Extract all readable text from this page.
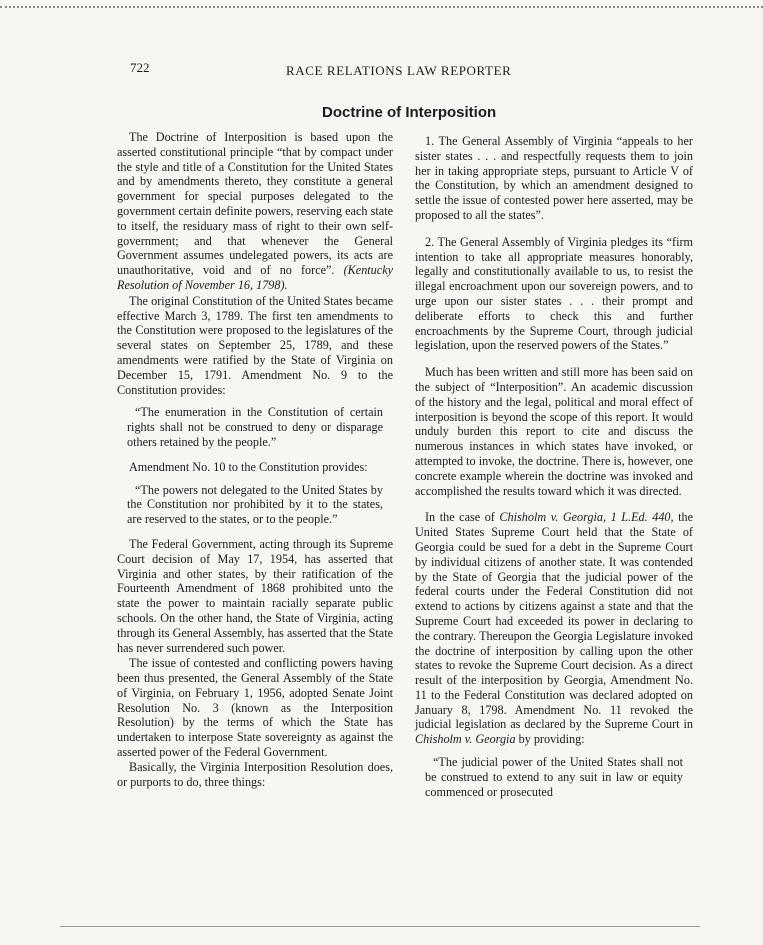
722	RACE RELATIONS LAW REPORTER
Doctrine of Interposition

The Doctrine of Interposition is based upon the asserted constitutional principle “that by compact under the style and title of a Constitution for the United States and by amendments thereto, they constitute a general government for special purposes delegated to the government certain definite powers, reserving each state to itself, the residuary mass of right to their own self-government; and that whenever the General Government assumes undelegated powers, its acts are unauthoritative, void and of no force”. (Kentucky Resolution of November 16, 1798).

The original Constitution of the United States became effective March 3, 1789. The first ten amendments to the Constitution were proposed to the legislatures of the several states on September 25, 1789, and these amendments were ratified by the State of Virginia on December 15, 1791. Amendment No. 9 to the Constitution provides:

“The enumeration in the Constitution of certain rights shall not be construed to deny or disparage others retained by the people.”

Amendment No. 10 to the Constitution provides:

“The powers not delegated to the United States by the Constitution nor prohibited by it to the states, are reserved to the states, or to the people.”

The Federal Government, acting through its Supreme Court decision of May 17, 1954, has asserted that Virginia and other states, by their ratification of the Fourteenth Amendment of 1868 prohibited unto the state the power to maintain racially separate public schools. On the other hand, the State of Virginia, acting through its General Assembly, has asserted that the State has never surrendered such power.

The issue of contested and conflicting powers having been thus presented, the General Assembly of the State of Virginia, on February 1, 1956, adopted Senate Joint Resolution No. 3 (known as the Interposition Resolution) by the terms of which the State has undertaken to interpose State sovereignty as against the asserted power of the Federal Government.

Basically, the Virginia Interposition Resolution does, or purports to do, three things:

1. The General Assembly of Virginia “appeals to her sister states . . . and respectfully requests them to join her in taking appropriate steps, pursuant to Article V of the Constitution, by which an amendment designed to settle the issue of contested power here asserted, may be proposed to all the states”.

2. The General Assembly of Virginia pledges its “firm intention to take all appropriate measures honorably, legally and constitutionally available to us, to resist the illegal encroachment upon our sovereign powers, and to urge upon our sister states . . . their prompt and deliberate efforts to check this and further encroachments by the Supreme Court, through judicial legislation, upon the reserved powers of the States.”

Much has been written and still more has been said on the subject of “Interposition”. An academic discussion of the history and the legal, political and moral effect of interposition is beyond the scope of this report. It would unduly burden this report to cite and discuss the numerous instances in which states have invoked, or attempted to invoke, the doctrine. There is, however, one concrete example wherein the doctrine was invoked and accomplished the results toward which it was directed.

In the case of Chisholm v. Georgia, 1 L.Ed. 440, the United States Supreme Court held that the State of Georgia could be sued for a debt in the Supreme Court by individual citizens of another state. It was contended by the State of Georgia that the judicial power of the federal courts under the Federal Constitution did not extend to actions by citizens against a state and that the Supreme Court had exceeded its power in declaring to the contrary. Thereupon the Georgia Legislature invoked the doctrine of interposition by calling upon the other states to revoke the Supreme Court decision. As a direct result of the interposition by Georgia, Amendment No. 11 to the Federal Constitution was declared adopted on January 8, 1798. Amendment No. 11 revoked the judicial legislation as declared by the Supreme Court in Chisholm v. Georgia by providing:

“The judicial power of the United States shall not be construed to extend to any suit in law or equity commenced or prosecuted
